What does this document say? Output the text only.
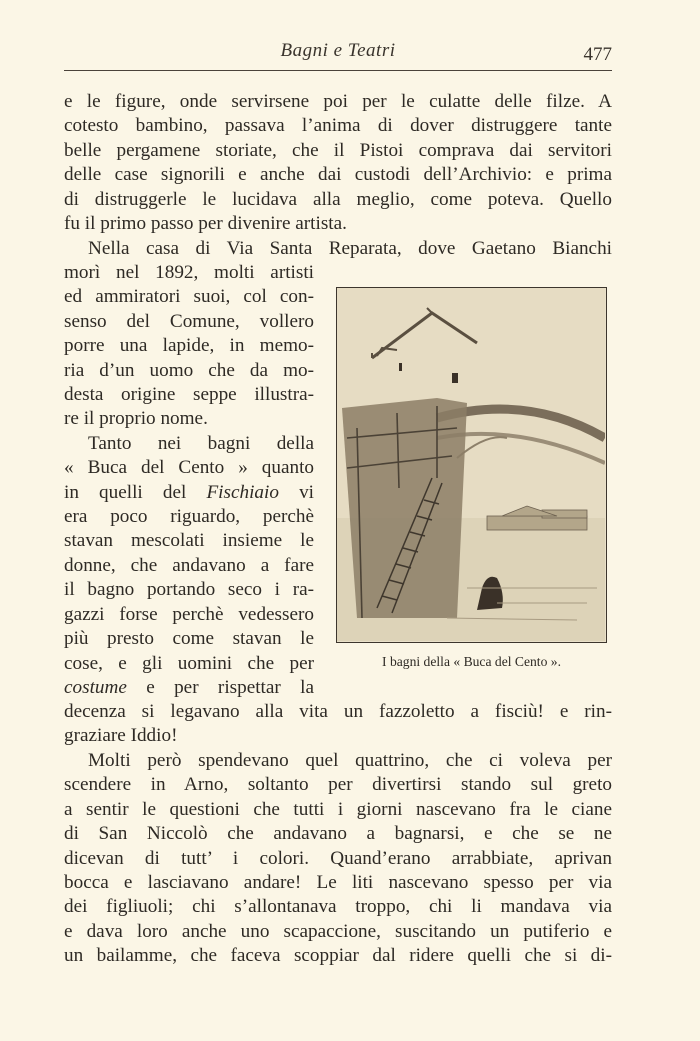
Bagni e Teatri	477
e le figure, onde servirsene poi per le culatte delle filze. A
cotesto bambino, passava l’anima di dover distruggere tante
belle pergamene storiate, che il Pistoi comprava dai servitori
delle case signorili e anche dai custodi dell’Archivio: e prima
di distruggerle le lucidava alla meglio, come poteva. Quello
fu il primo passo per divenire artista.
Nella casa di Via Santa Reparata, dove Gaetano Bianchi
morì nel 1892, molti artisti
ed ammiratori suoi, col con-
senso del Comune, vollero
porre una lapide, in memo-
ria d’un uomo che da mo-
desta origine seppe illustra-
re il proprio nome.
Tanto nei bagni della
« Buca del Cento » quanto
in quelli del Fischiaio vi
era poco riguardo, perchè
stavan mescolati insieme le
donne, che andavano a fare
il bagno portando seco i ra-
gazzi forse perchè vedessero
più presto come stavan le
cose, e gli uomini che per
costume e per rispettar la
decenza si legavano alla vita un fazzoletto a fisciù! e rin-
graziare Iddio!
Molti però spendevano quel quattrino, che ci voleva per
scendere in Arno, soltanto per divertirsi stando sul greto
a sentir le questioni che tutti i giorni nascevano fra le ciane
di San Niccolò che andavano a bagnarsi, e che se ne
dicevan di tutt’ i colori. Quand’erano arrabbiate, aprivan
bocca e lasciavano andare! Le liti nascevano spesso per via
dei figliuoli; chi s’allontanava troppo, chi li mandava via
e dava loro anche uno scapaccione, suscitando un putiferio e
un bailamme, che faceva scoppiar dal ridere quelli che si di-
I bagni della « Buca del Cento ».
